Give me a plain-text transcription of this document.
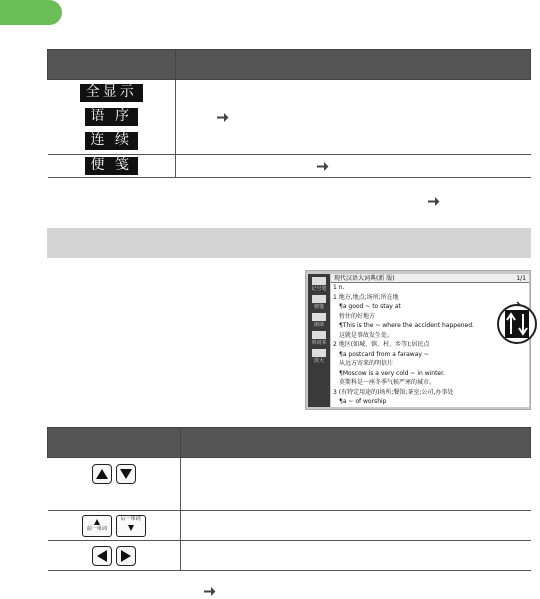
全显示
语 序
连 续

便 笺	
记号笔
便笺
朗读
单词本
放大
现代汉语大词典(新 版)	1/1
1 n.
1 地方,地点;场所;所在地
¶a good ~ to stay at
暂住的好地方
¶This is the ~ where the accident happened.
这就是事故发生处。
2 地区(如城、镇、村、乡等);居民点
¶a postcard from a faraway ~
从远方寄来的明信片
¶Moscow is a very cold ~ in winter.
莫斯科是一座冬季气候严寒的城市。
3 (有特定用途的)场所;餐馆;茶室;公司,办事处
¶a ~ of worship

前一单词 后一单词
